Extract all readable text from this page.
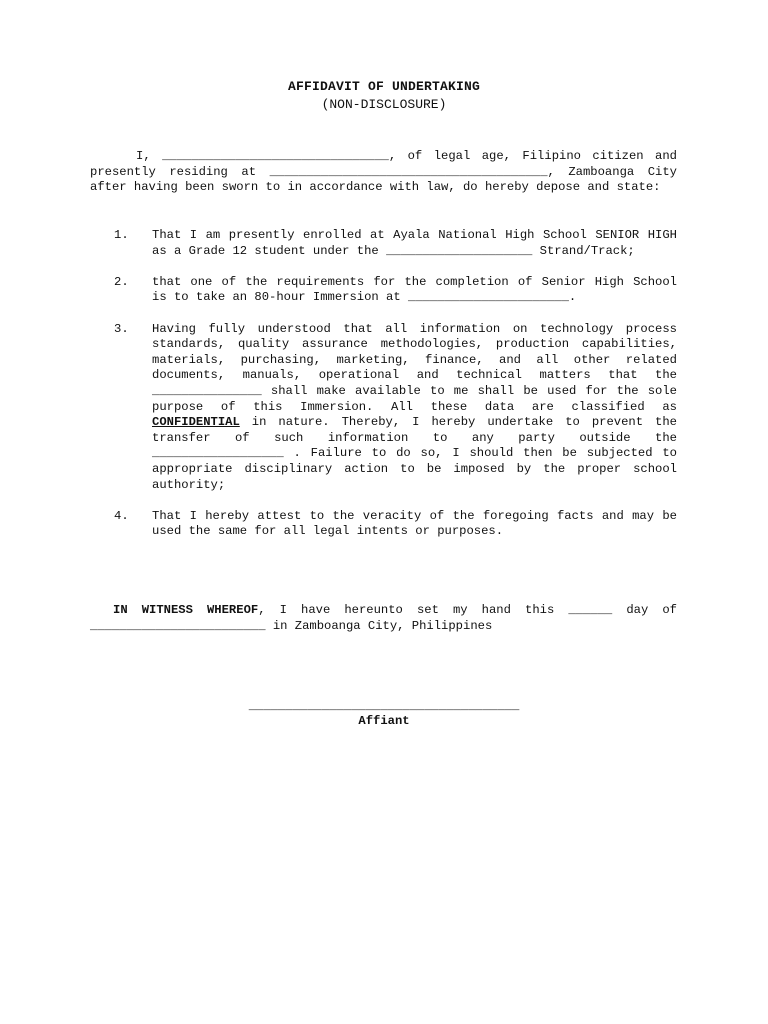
AFFIDAVIT OF UNDERTAKING
(NON-DISCLOSURE)

I, _______________________________, of legal age, Filipino citizen and presently residing at ______________________________________, Zamboanga City after having been sworn to in accordance with law, do hereby depose and state:

1. That I am presently enrolled at Ayala National High School SENIOR HIGH as a Grade 12 student under the ____________________ Strand/Track;
2. that one of the requirements for the completion of Senior High School is to take an 80-hour Immersion at ______________________.
3. Having fully understood that all information on technology process standards, quality assurance methodologies, production capabilities, materials, purchasing, marketing, finance, and all other related documents, manuals, operational and technical matters that the _______________ shall make available to me shall be used for the sole purpose of this Immersion. All these data are classified as CONFIDENTIAL in nature. Thereby, I hereby undertake to prevent the transfer of such information to any party outside the __________________ . Failure to do so, I should then be subjected to appropriate disciplinary action to be imposed by the proper school authority;
4. That I hereby attest to the veracity of the foregoing facts and may be used the same for all legal intents or purposes.

IN WITNESS WHEREOF, I have hereunto set my hand this ______ day of ________________________ in Zamboanga City, Philippines

_____________________________________
Affiant
